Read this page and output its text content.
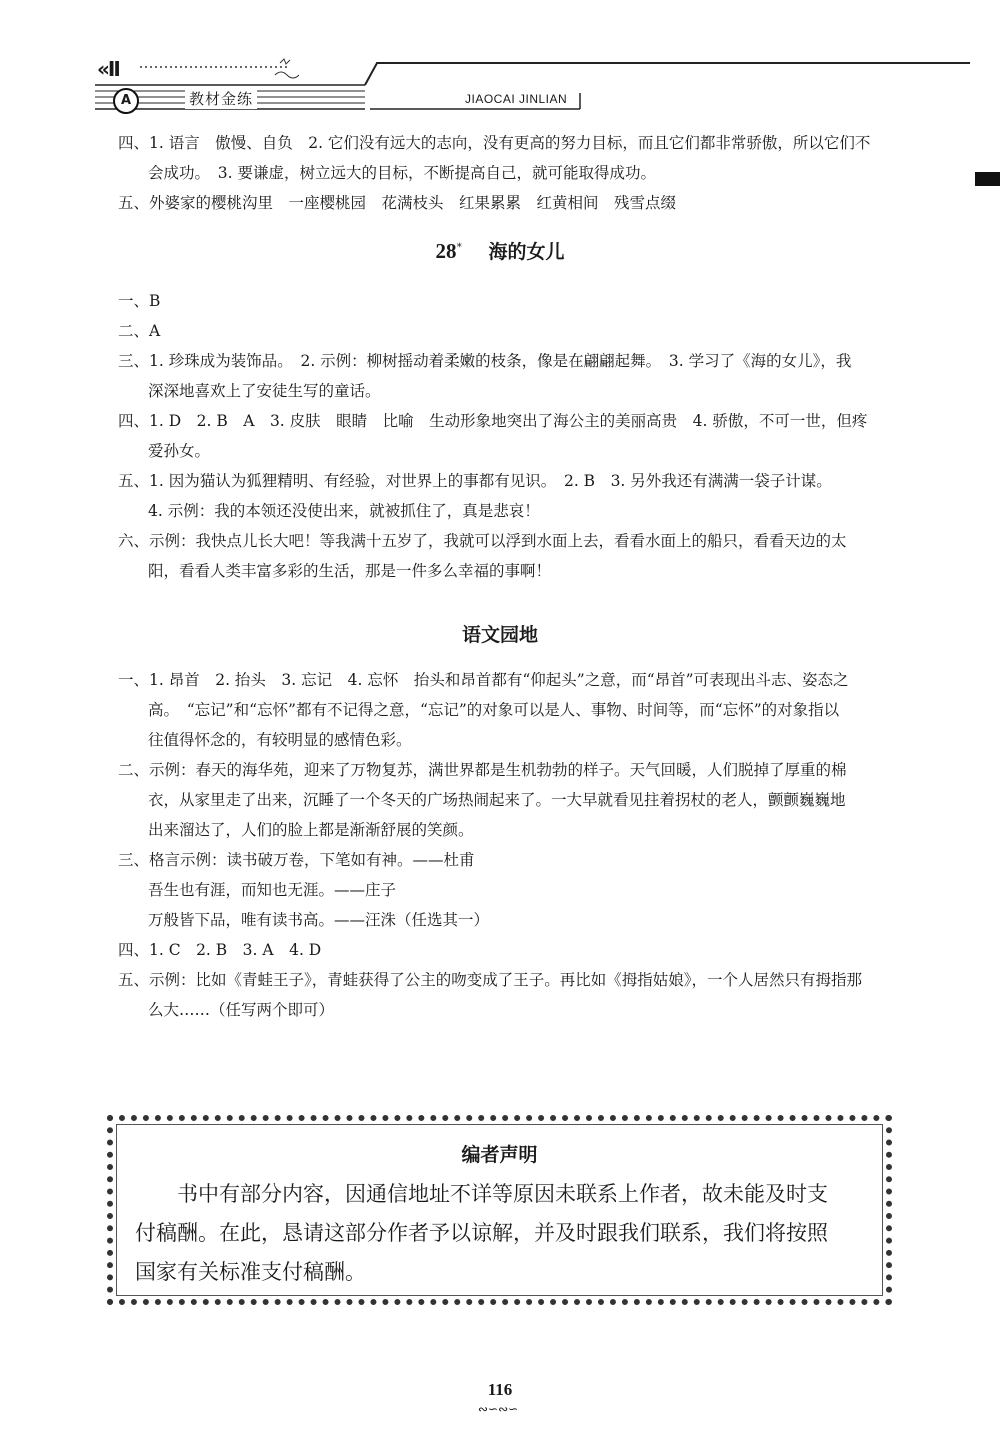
«II
A	教材金练	JIAOCAI JINLIAN
四、1. 语言　傲慢、自负　2. 它们没有远大的志向，没有更高的努力目标，而且它们都非常骄傲，所以它们不
会成功。　3. 要谦虚，树立远大的目标，不断提高自己，就可能取得成功。
五、外婆家的樱桃沟里　一座樱桃园　花满枝头　红果累累　红黄相间　残雪点缀
28* 海的女儿
一、B
二、A
三、1. 珍珠成为装饰品。　2. 示例：柳树摇动着柔嫩的枝条，像是在翩翩起舞。　3. 学习了《海的女儿》，我
深深地喜欢上了安徒生写的童话。
四、1. D　2. B　A　3. 皮肤　眼睛　比喻　生动形象地突出了海公主的美丽高贵　4. 骄傲，不可一世，但疼
爱孙女。
五、1. 因为猫认为狐狸精明、有经验，对世界上的事都有见识。　2. B　3. 另外我还有满满一袋子计谋。
4. 示例：我的本领还没使出来，就被抓住了，真是悲哀！
六、示例：我快点儿长大吧！等我满十五岁了，我就可以浮到水面上去，看看水面上的船只，看看天边的太
阳，看看人类丰富多彩的生活，那是一件多么幸福的事啊！
语文园地
一、1. 昂首　2. 抬头　3. 忘记　4. 忘怀　抬头和昂首都有“仰起头”之意，而“昂首”可表现出斗志、姿态之
高。　“忘记”和“忘怀”都有不记得之意，“忘记”的对象可以是人、事物、时间等，而“忘怀”的对象指以
往值得怀念的，有较明显的感情色彩。
二、示例：春天的海华苑，迎来了万物复苏，满世界都是生机勃勃的样子。天气回暖，人们脱掉了厚重的棉
衣，从家里走了出来，沉睡了一个冬天的广场热闹起来了。一大早就看见拄着拐杖的老人，颤颤巍巍地
出来溜达了，人们的脸上都是渐渐舒展的笑颜。
三、格言示例：读书破万卷，下笔如有神。——杜甫
吾生也有涯，而知也无涯。——庄子
万般皆下品，唯有读书高。——汪洙（任选其一）
四、1. C　2. B　3. A　4. D
五、示例：比如《青蛙王子》，青蛙获得了公主的吻变成了王子。再比如《拇指姑娘》，一个人居然只有拇指那
么大……（任写两个即可）
编者声明
　　书中有部分内容，因通信地址不详等原因未联系上作者，故未能及时支
付稿酬。在此，恳请这部分作者予以谅解，并及时跟我们联系，我们将按照
国家有关标准支付稿酬。
116
∾∽∾∽
